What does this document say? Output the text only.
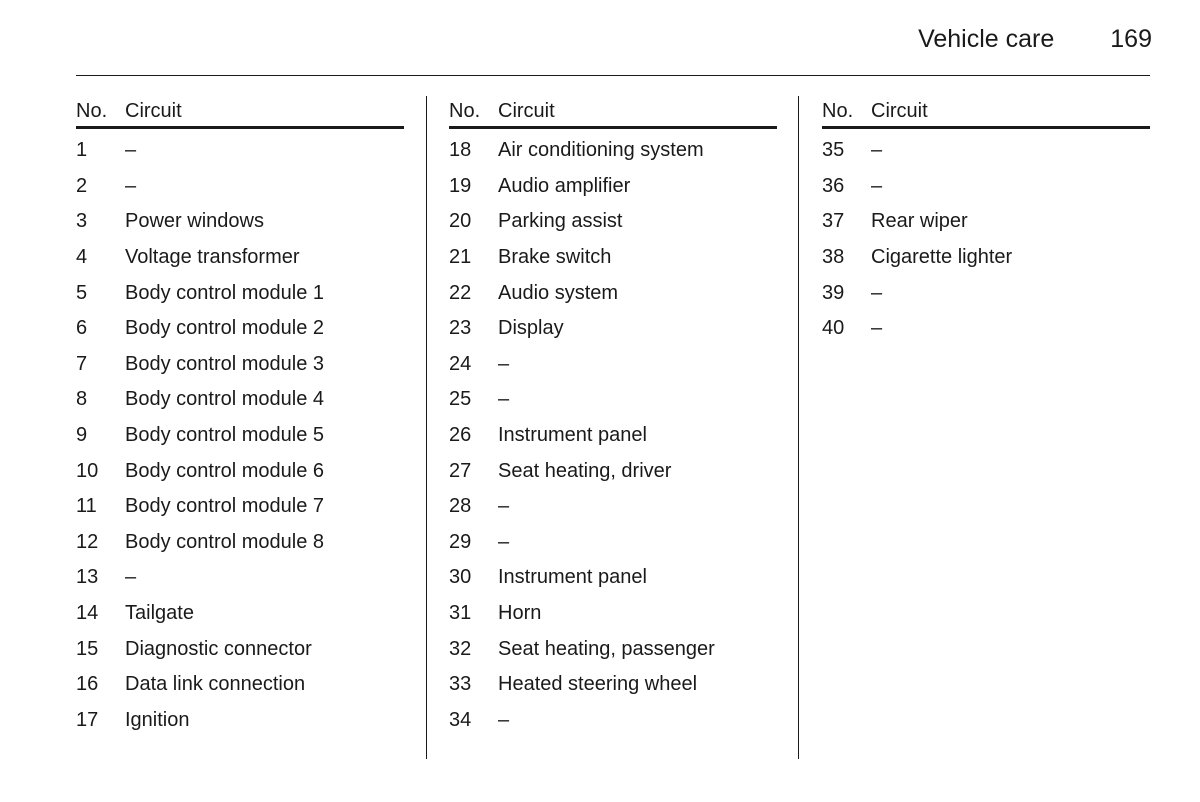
Vehicle care 169
No. Circuit
1	–
2	–
3	Power windows
4	Voltage transformer
5	Body control module 1
6	Body control module 2
7	Body control module 3
8	Body control module 4
9	Body control module 5
10	Body control module 6
11	Body control module 7
12	Body control module 8
13	–
14	Tailgate
15	Diagnostic connector
16	Data link connection
17	Ignition
No. Circuit
18	Air conditioning system
19	Audio amplifier
20	Parking assist
21	Brake switch
22	Audio system
23	Display
24	–
25	–
26	Instrument panel
27	Seat heating, driver
28	–
29	–
30	Instrument panel
31	Horn
32	Seat heating, passenger
33	Heated steering wheel
34	–
No. Circuit
35	–
36	–
37	Rear wiper
38	Cigarette lighter
39	–
40	–
